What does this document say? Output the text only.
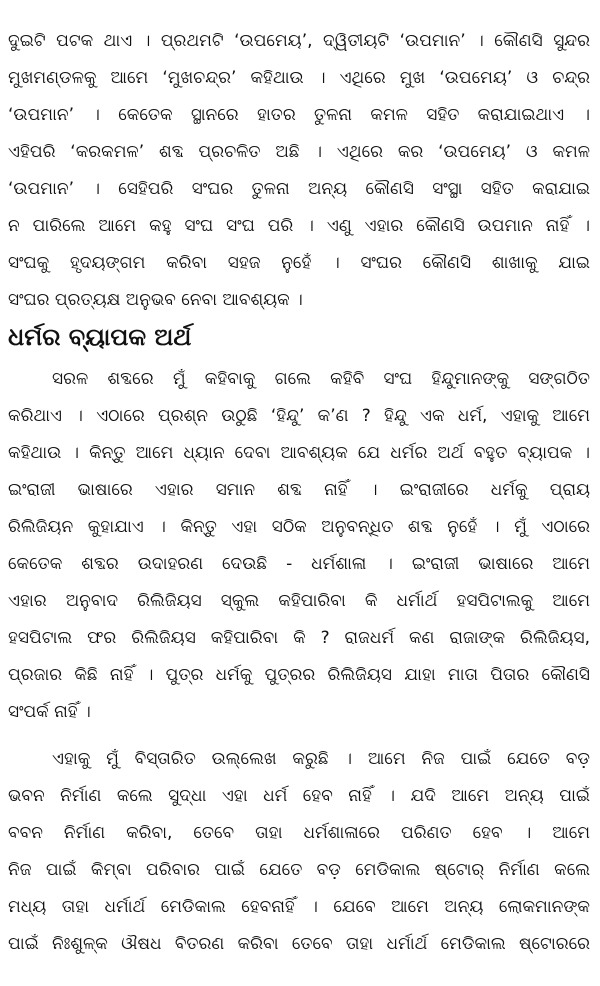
ଦୁଇଟି ପଟକ ଥାଏ । ପ୍ରଥମଟି ‘ଉପମେୟ’, ଦ୍ୱିତୀୟଟି ‘ଉପମାନ’ । କୌଣସି ସୁନ୍ଦର
ମୁଖମଣ୍ଡଳକୁ ଆମେ ‘ମୁଖଚନ୍ଦ୍ର’ କହିଥାଉ । ଏଥିରେ ମୁଖ ‘ଉପମେୟ’ ଓ ଚନ୍ଦ୍ର
‘ଉପମାନ’ । କେତେକ ସ୍ଥାନରେ ହାତର ତୁଳନା କମଳ ସହିତ କରାଯାଇଥାଏ ।
ଏହିପରି ‘କରକମଳ’ ଶବ୍ଦ ପ୍ରଚଳିତ ଅଛି । ଏଥିରେ କର ‘ଉପମେୟ’ ଓ କମଳ
‘ଉପମାନ’ । ସେହିପରି ସଂଘର ତୁଳନା ଅନ୍ୟ କୌଣସି ସଂସ୍ଥା ସହିତ କରାଯାଇ
ନ ପାରିଲେ ଆମେ କହୁ ସଂଘ ସଂଘ ପରି । ଏଣୁ ଏହାର କୌଣସି ଉପମାନ ନାହିଁ ।
ସଂଘକୁ ହୃଦୟଙ୍ଗମ କରିବା ସହଜ ନୁହେଁ । ସଂଘର କୌଣସି ଶାଖାକୁ ଯାଇ
ସଂଘର ପ୍ରତ୍ୟକ୍ଷ ଅନୁଭବ ନେବା ଆବଶ୍ୟକ ।
ଧର୍ମର ବ୍ୟାପକ ଅର୍ଥ
ସରଳ ଶବ୍ଦରେ ମୁଁ କହିବାକୁ ଗଲେ କହିବି ସଂଘ ହିନ୍ଦୁମାନଙ୍କୁ ସଙ୍ଗଠିତ
କରିଥାଏ । ଏଠାରେ ପ୍ରଶ୍ନ ଉଠୁଛି ‘ହିନ୍ଦୁ’ କ’ଣ ? ହିନ୍ଦୁ ଏକ ଧର୍ମ, ଏହାକୁ ଆମେ
କହିଥାଉ । କିନ୍ତୁ ଆମେ ଧ୍ୟାନ ଦେବା ଆବଶ୍ୟକ ଯେ ଧର୍ମର ଅର୍ଥ ବହୁତ ବ୍ୟାପକ ।
ଇଂରାଜୀ ଭାଷାରେ ଏହାର ସମାନ ଶବ୍ଦ ନାହିଁ । ଇଂରାଜୀରେ ଧର୍ମକୁ ପ୍ରାୟ
ରିଲିଜିୟନ କୁହାଯାଏ । କିନ୍ତୁ ଏହା ସଠିକ ଅନୁବନ୍ଧିତ ଶବ୍ଦ ନୁହେଁ । ମୁଁ ଏଠାରେ
କେତେକ ଶବ୍ଦର ଉଦାହରଣ ଦେଉଛି - ଧର୍ମଶାଳା । ଇଂରାଜୀ ଭାଷାରେ ଆମେ
ଏହାର ଅନୁବାଦ ରିଲିଜିୟସ ସ୍କୁଲ କହିପାରିବା କି ଧର୍ମାର୍ଥ ହସପିଟାଲକୁ ଆମେ
ହସପିଟାଲ ଫର ରିଲିଜିୟସ କହିପାରିବା କି ? ରାଜଧର୍ମ କଣ ରାଜାଙ୍କ ରିଲିଜିୟସ,
ପ୍ରଜାର କିଛି ନାହିଁ । ପୁତ୍ର ଧର୍ମକୁ ପୁତ୍ରର ରିଲିଜିୟସ ଯାହା ମାତା ପିତାର କୌଣସି
ସଂପର୍କ ନାହିଁ ।
ଏହାକୁ ମୁଁ ବିସ୍ତାରିତ ଉଲ୍ଲେଖ କରୁଛି । ଆମେ ନିଜ ପାଇଁ ଯେତେ ବଡ଼
ଭବନ ନିର୍ମାଣ କଲେ ସୁଦ୍ଧା ଏହା ଧର୍ମ ହେବ ନାହିଁ । ଯଦି ଆମେ ଅନ୍ୟ ପାଇଁ
ବବନ ନିର୍ମାଣ କରିବା, ତେବେ ତାହା ଧର୍ମଶାଳାରେ ପରିଣତ ହେବ । ଆମେ
ନିଜ ପାଇଁ କିମ୍ବା ପରିବାର ପାଇଁ ଯେତେ ବଡ଼ ମେଡିକାଲ ଷ୍ଟୋର୍ ନିର୍ମାଣ କଲେ
ମଧ୍ୟ ତାହା ଧର୍ମାର୍ଥ ମେଡିକାଲ ହେବନାହିଁ । ଯେବେ ଆମେ ଅନ୍ୟ ଲୋକମାନଙ୍କ
ପାଇଁ ନିଃଶୁଳ୍କ ଔଷଧ ବିତରଣ କରିବା ତେବେ ତାହା ଧର୍ମାର୍ଥ ମେଡିକାଲ ଷ୍ଟୋରରେ
